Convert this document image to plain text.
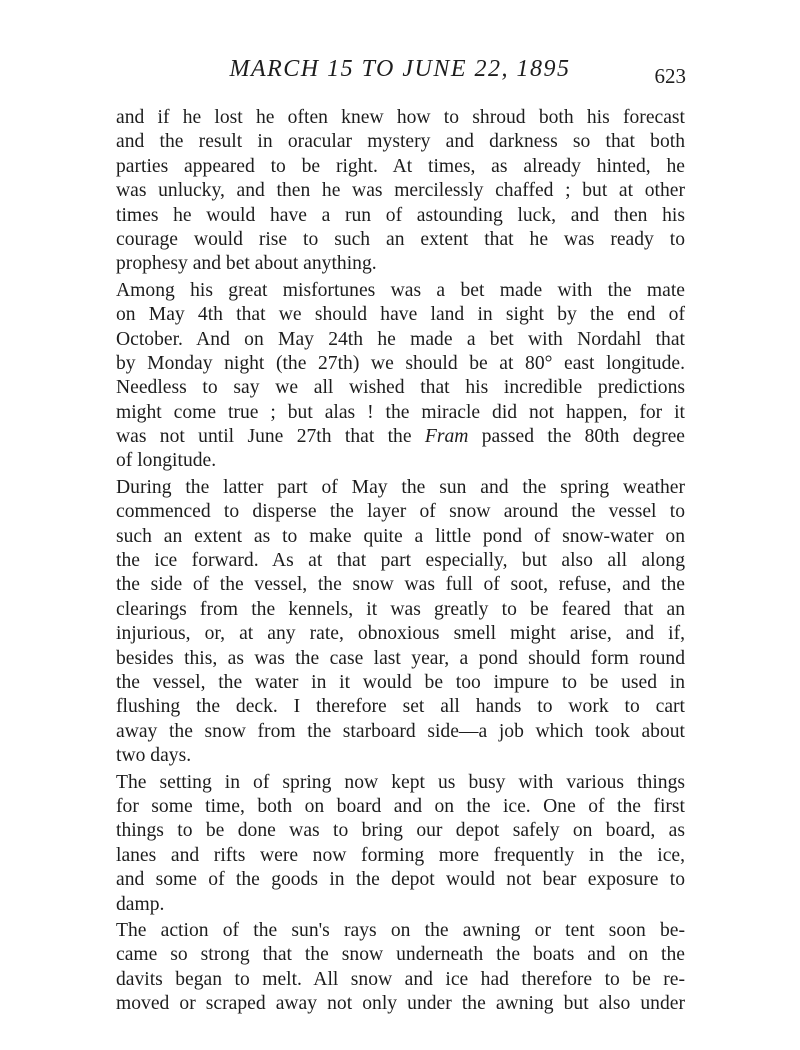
MARCH 15 TO JUNE 22, 1895	623
and if he lost he often knew how to shroud both his forecast
and the result in oracular mystery and darkness so that both
parties appeared to be right. At times, as already hinted, he
was unlucky, and then he was mercilessly chaffed ; but at other
times he would have a run of astounding luck, and then his
courage would rise to such an extent that he was ready to
prophesy and bet about anything.
Among his great misfortunes was a bet made with the mate
on May 4th that we should have land in sight by the end of
October. And on May 24th he made a bet with Nordahl that
by Monday night (the 27th) we should be at 80° east longitude.
Needless to say we all wished that his incredible predictions
might come true ; but alas ! the miracle did not happen, for it
was not until June 27th that the Fram passed the 80th degree
of longitude.
During the latter part of May the sun and the spring weather
commenced to disperse the layer of snow around the vessel to
such an extent as to make quite a little pond of snow-water on
the ice forward. As at that part especially, but also all along
the side of the vessel, the snow was full of soot, refuse, and the
clearings from the kennels, it was greatly to be feared that an
injurious, or, at any rate, obnoxious smell might arise, and if,
besides this, as was the case last year, a pond should form round
the vessel, the water in it would be too impure to be used in
flushing the deck. I therefore set all hands to work to cart
away the snow from the starboard side—a job which took about
two days.
The setting in of spring now kept us busy with various things
for some time, both on board and on the ice. One of the first
things to be done was to bring our depot safely on board, as
lanes and rifts were now forming more frequently in the ice,
and some of the goods in the depot would not bear exposure to
damp.
The action of the sun's rays on the awning or tent soon be-
came so strong that the snow underneath the boats and on the
davits began to melt. All snow and ice had therefore to be re-
moved or scraped away not only under the awning but also under
